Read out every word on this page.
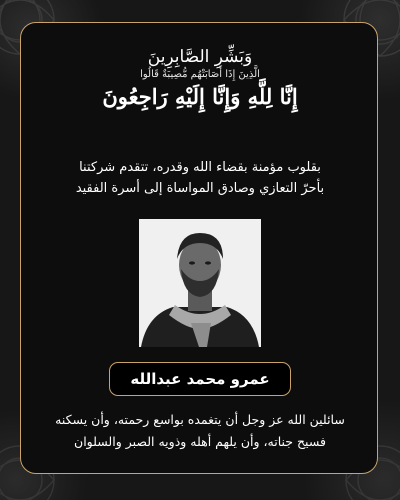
وَبَشِّرِ الصَّابِرِينَ
الَّذِينَ إِذَا أَصَابَتْهُم مُّصِيبَةٌ قَالُوا
إِنَّا لِلَّهِ وَإِنَّا إِلَيْهِ رَاجِعُونَ
بقلوب مؤمنة بقضاء الله وقدره، تتقدم شركتنا
بأحرّ التعازي وصادق المواساة إلى أسرة الفقيد
عمرو محمد عبدالله
سائلين الله عز وجل أن يتغمده بواسع رحمته، وأن يسكنه
فسيح جناته، وأن يلهم أهله وذويه الصبر والسلوان
